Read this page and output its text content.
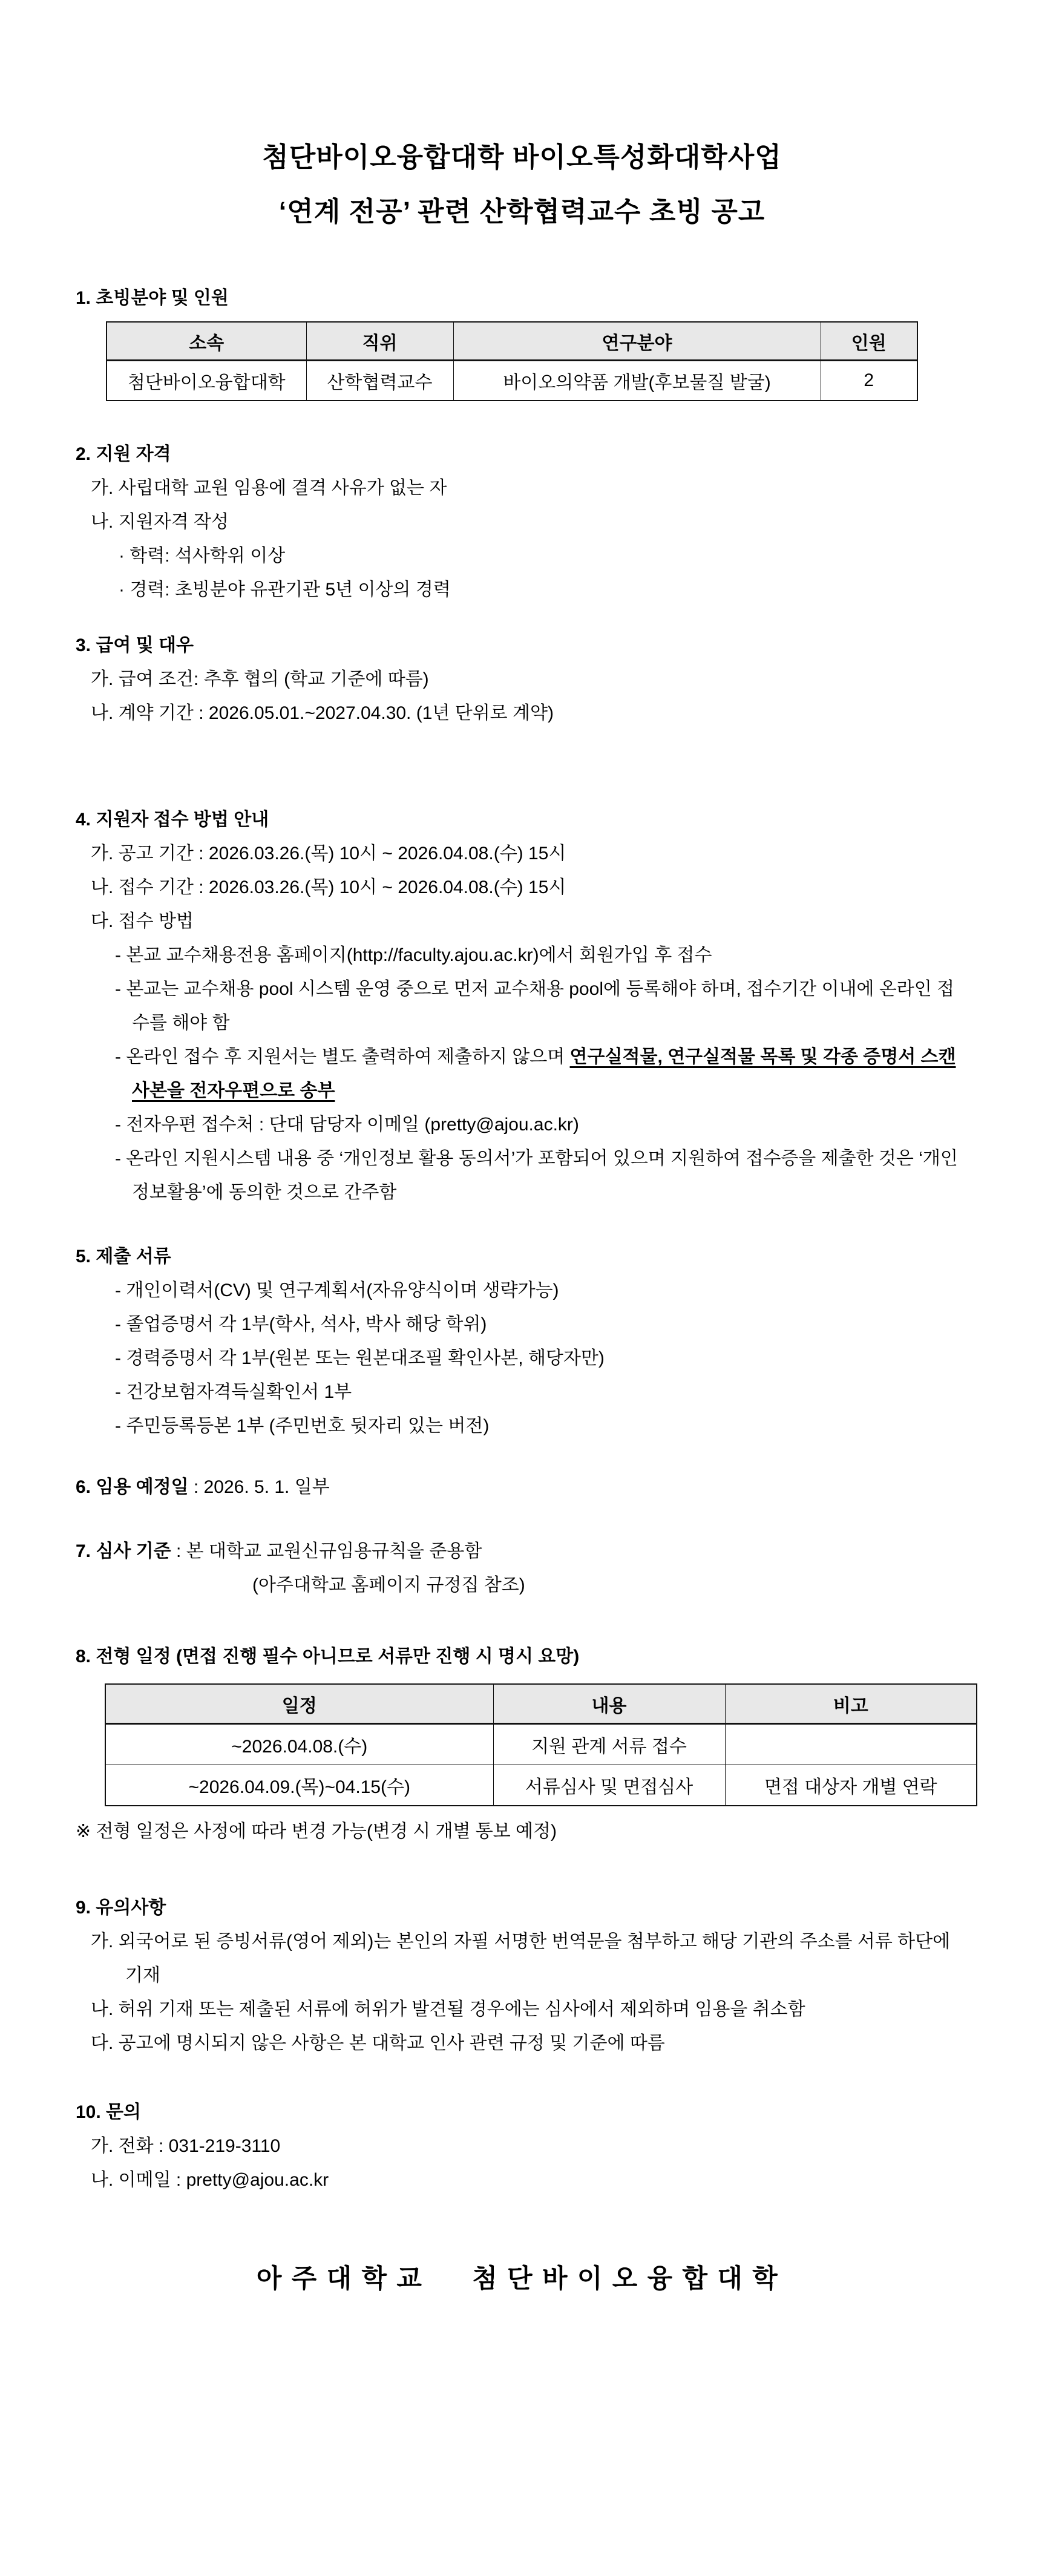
첨단바이오융합대학 바이오특성화대학사업
‘연계 전공’ 관련 산학협력교수 초빙 공고
1. 초빙분야 및 인원
소속	직위	연구분야	인원
첨단바이오융합대학	산학협력교수	바이오의약품 개발(후보물질 발굴)	2
2. 지원 자격
가. 사립대학 교원 임용에 결격 사유가 없는 자
나. 지원자격 작성
· 학력: 석사학위 이상
· 경력: 초빙분야 유관기관 5년 이상의 경력
3. 급여 및 대우
가. 급여 조건: 추후 협의 (학교 기준에 따름)
나. 계약 기간 : 2026.05.01.~2027.04.30. (1년 단위로 계약)
4. 지원자 접수 방법 안내
가. 공고 기간 : 2026.03.26.(목) 10시 ~ 2026.04.08.(수) 15시
나. 접수 기간 : 2026.03.26.(목) 10시 ~ 2026.04.08.(수) 15시
다. 접수 방법
- 본교 교수채용전용 홈페이지(http://faculty.ajou.ac.kr)에서 회원가입 후 접수
- 본교는 교수채용 pool 시스템 운영 중으로 먼저 교수채용 pool에 등록해야 하며, 접수기간 이내에 온라인 접수를 해야 함
- 온라인 접수 후 지원서는 별도 출력하여 제출하지 않으며 연구실적물, 연구실적물 목록 및 각종 증명서 스캔 사본을 전자우편으로 송부
- 전자우편 접수처 : 단대 담당자 이메일 (pretty@ajou.ac.kr)
- 온라인 지원시스템 내용 중 ‘개인정보 활용 동의서’가 포함되어 있으며 지원하여 접수증을 제출한 것은 ‘개인정보활용’에 동의한 것으로 간주함
5. 제출 서류
- 개인이력서(CV) 및 연구계획서(자유양식이며 생략가능)
- 졸업증명서 각 1부(학사, 석사, 박사 해당 학위)
- 경력증명서 각 1부(원본 또는 원본대조필 확인사본, 해당자만)
- 건강보험자격득실확인서 1부
- 주민등록등본 1부 (주민번호 뒷자리 있는 버전)
6. 임용 예정일 : 2026. 5. 1. 일부
7. 심사 기준 : 본 대학교 교원신규임용규칙을 준용함
(아주대학교 홈페이지 규정집 참조)
8. 전형 일정 (면접 진행 필수 아니므로 서류만 진행 시 명시 요망)
일정	내용	비고
~2026.04.08.(수)	지원 관계 서류 접수	
~2026.04.09.(목)~04.15(수)	서류심사 및 면접심사	면접 대상자 개별 연락
※ 전형 일정은 사정에 따라 변경 가능(변경 시 개별 통보 예정)
9. 유의사항
가. 외국어로 된 증빙서류(영어 제외)는 본인의 자필 서명한 번역문을 첨부하고 해당 기관의 주소를 서류 하단에 기재
나. 허위 기재 또는 제출된 서류에 허위가 발견될 경우에는 심사에서 제외하며 임용을 취소함
다. 공고에 명시되지 않은 사항은 본 대학교 인사 관련 규정 및 기준에 따름
10. 문의
가. 전화 : 031-219-3110
나. 이메일 : pretty@ajou.ac.kr
아주대학교 첨단바이오융합대학
